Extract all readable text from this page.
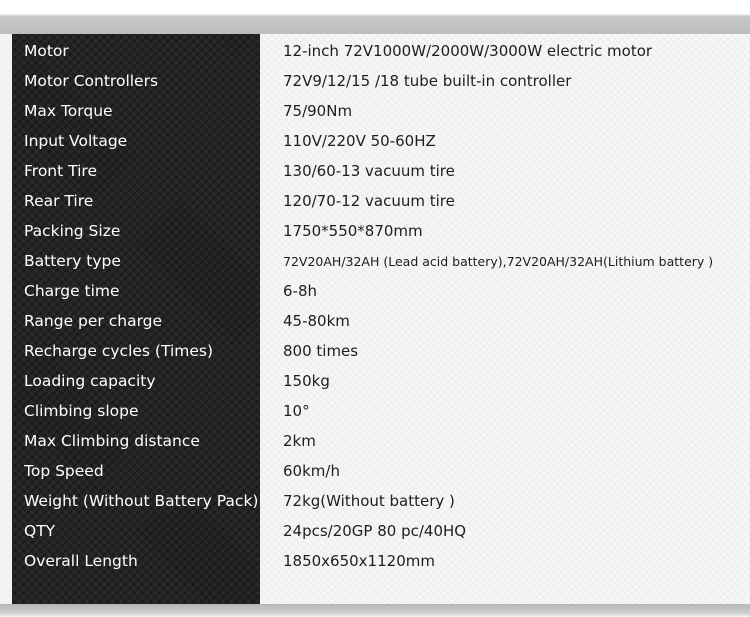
Motor	12-inch 72V1000W/2000W/3000W electric motor
Motor Controllers	72V9/12/15 /18 tube built-in controller
Max Torque	75/90Nm
Input Voltage	110V/220V 50-60HZ
Front Tire	130/60-13 vacuum tire
Rear Tire	120/70-12 vacuum tire
Packing Size	1750*550*870mm
Battery type	72V20AH/32AH (Lead acid battery),72V20AH/32AH(Lithium battery )
Charge time	6-8h
Range per charge	45-80km
Recharge cycles (Times)	800 times
Loading capacity	150kg
Climbing slope	10°
Max Climbing distance	2km
Top Speed	60km/h
Weight (Without Battery Pack)	72kg(Without battery )
QTY	24pcs/20GP 80 pc/40HQ
Overall Length	1850x650x1120mm
